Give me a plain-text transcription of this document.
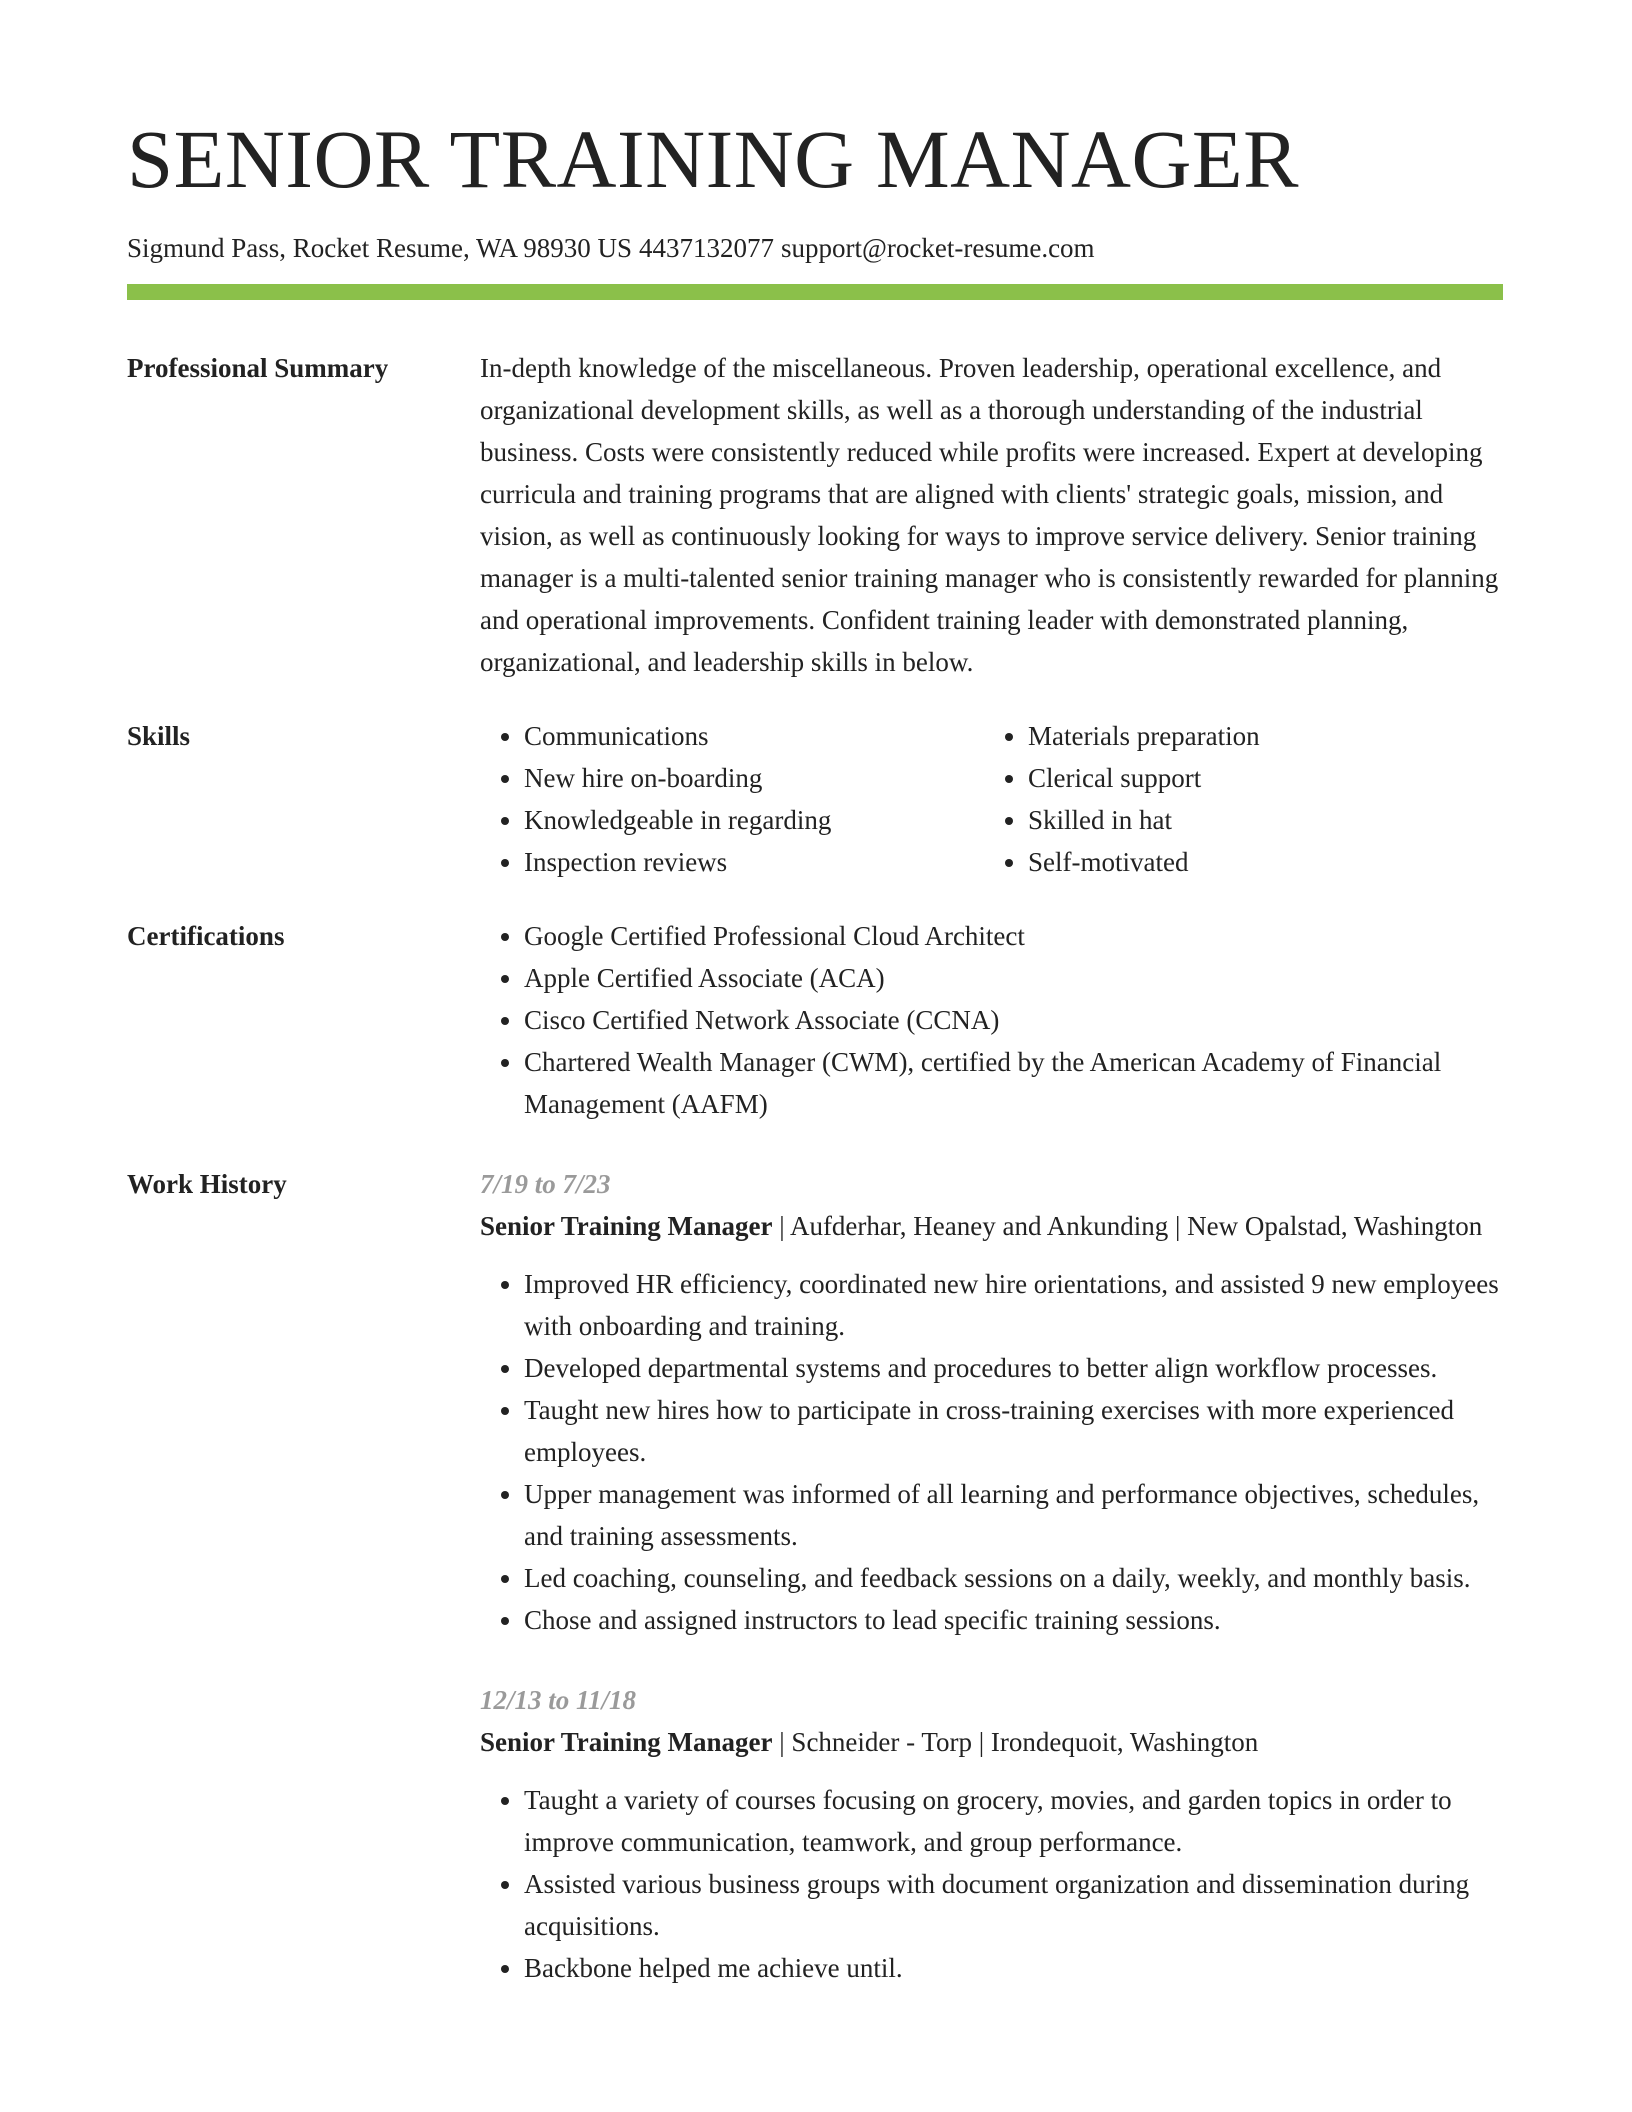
SENIOR TRAINING MANAGER
Sigmund Pass, Rocket Resume, WA 98930 US 4437132077 support@rocket-resume.com
Professional Summary	In-depth knowledge of the miscellaneous. Proven leadership, operational excellence, and organizational development skills, as well as a thorough understanding of the industrial business. Costs were consistently reduced while profits were increased. Expert at developing curricula and training programs that are aligned with clients' strategic goals, mission, and vision, as well as continuously looking for ways to improve service delivery. Senior training manager is a multi-talented senior training manager who is consistently rewarded for planning and operational improvements. Confident training leader with demonstrated planning, organizational, and leadership skills in below.

Skills	• Communications
• New hire on-boarding
• Knowledgeable in regarding
• Inspection reviews
• Materials preparation
• Clerical support
• Skilled in hat
• Self-motivated
Certifications	• Google Certified Professional Cloud Architect
• Apple Certified Associate (ACA)
• Cisco Certified Network Associate (CCNA)
• Chartered Wealth Manager (CWM), certified by the American Academy of Financial Management (AAFM)
Work History	7/19 to 7/23
Senior Training Manager | Aufderhar, Heaney and Ankunding | New Opalstad, Washington
• Improved HR efficiency, coordinated new hire orientations, and assisted 9 new employees with onboarding and training.
• Developed departmental systems and procedures to better align workflow processes.
• Taught new hires how to participate in cross-training exercises with more experienced employees.
• Upper management was informed of all learning and performance objectives, schedules, and training assessments.
• Led coaching, counseling, and feedback sessions on a daily, weekly, and monthly basis.
• Chose and assigned instructors to lead specific training sessions.
12/13 to 11/18
Senior Training Manager | Schneider - Torp | Irondequoit, Washington
• Taught a variety of courses focusing on grocery, movies, and garden topics in order to improve communication, teamwork, and group performance.
• Assisted various business groups with document organization and dissemination during acquisitions.
• Backbone helped me achieve until.
